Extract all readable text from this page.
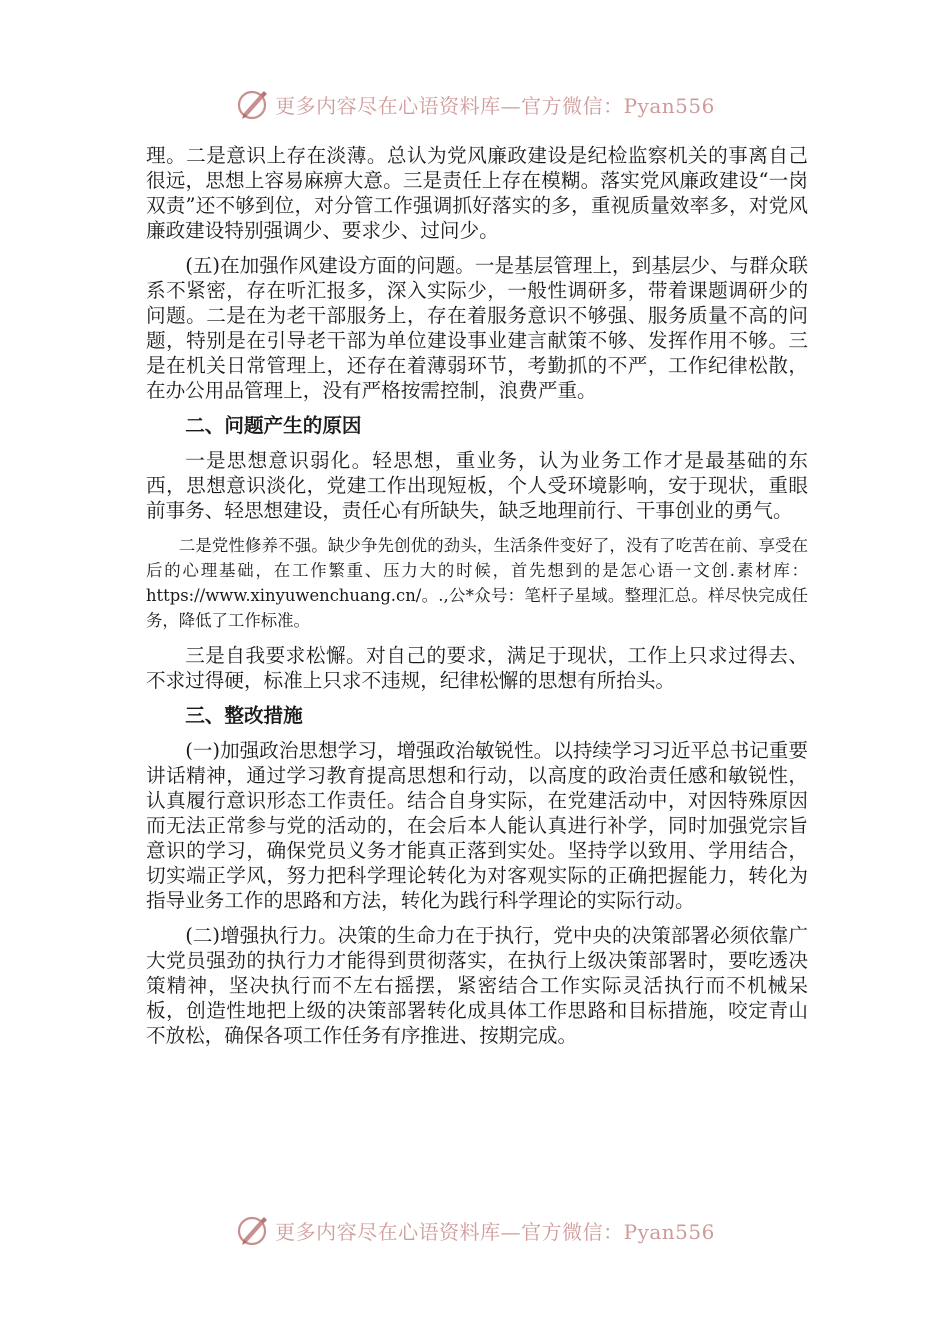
更多内容尽在心语资料库—官方微信：Pyan556

理。二是意识上存在淡薄。总认为党风廉政建设是纪检监察机关的事离自己很远，思想上容易麻痹大意。三是责任上存在模糊。落实党风廉政建设“一岗双责”还不够到位，对分管工作强调抓好落实的多，重视质量效率多，对党风廉政建设特别强调少、要求少、过问少。

(五)在加强作风建设方面的问题。一是基层管理上，到基层少、与群众联系不紧密，存在听汇报多，深入实际少，一般性调研多，带着课题调研少的问题。二是在为老干部服务上，存在着服务意识不够强、服务质量不高的问题，特别是在引导老干部为单位建设事业建言献策不够、发挥作用不够。三是在机关日常管理上，还存在着薄弱环节，考勤抓的不严，工作纪律松散，在办公用品管理上，没有严格按需控制，浪费严重。

二、问题产生的原因

一是思想意识弱化。轻思想，重业务，认为业务工作才是最基础的东西，思想意识淡化，党建工作出现短板，个人受环境影响，安于现状，重眼前事务、轻思想建设，责任心有所缺失，缺乏地理前行、干事创业的勇气。

二是党性修养不强。缺少争先创优的劲头，生活条件变好了，没有了吃苦在前、享受在后的心理基础，在工作繁重、压力大的时候，首先想到的是怎心语一文创.素材库：https://www.xinyuwenchuang.cn/。.,公*众号：笔杆子星域。整理汇总。样尽快完成任务，降低了工作标准。

三是自我要求松懈。对自己的要求，满足于现状，工作上只求过得去、不求过得硬，标准上只求不违规，纪律松懈的思想有所抬头。

三、整改措施

(一)加强政治思想学习，增强政治敏锐性。以持续学习习近平总书记重要讲话精神，通过学习教育提高思想和行动，以高度的政治责任感和敏锐性，认真履行意识形态工作责任。结合自身实际，在党建活动中，对因特殊原因而无法正常参与党的活动的，在会后本人能认真进行补学，同时加强党宗旨意识的学习，确保党员义务才能真正落到实处。坚持学以致用、学用结合，切实端正学风，努力把科学理论转化为对客观实际的正确把握能力，转化为指导业务工作的思路和方法，转化为践行科学理论的实际行动。

(二)增强执行力。决策的生命力在于执行，党中央的决策部署必须依靠广大党员强劲的执行力才能得到贯彻落实，在执行上级决策部署时，要吃透决策精神，坚决执行而不左右摇摆，紧密结合工作实际灵活执行而不机械呆板，创造性地把上级的决策部署转化成具体工作思路和目标措施，咬定青山不放松，确保各项工作任务有序推进、按期完成。

更多内容尽在心语资料库—官方微信：Pyan556
